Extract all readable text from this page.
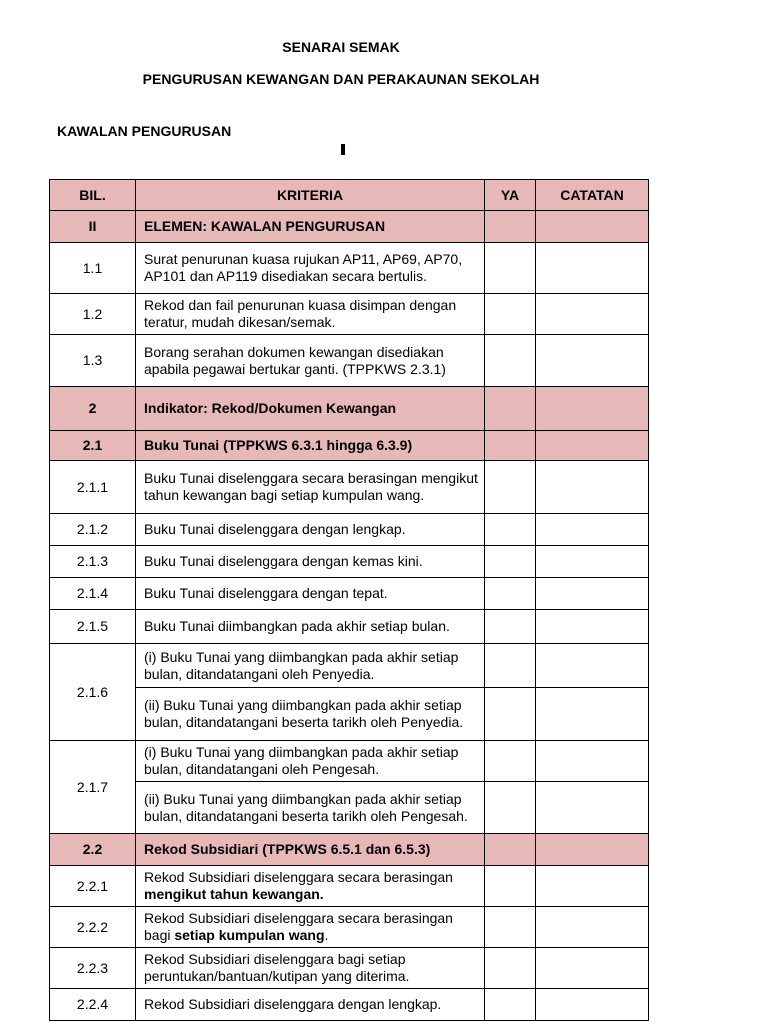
SENARAI SEMAK
PENGURUSAN KEWANGAN DAN PERAKAUNAN SEKOLAH
KAWALAN PENGURUSAN
BIL.	KRITERIA	YA	CATATAN
II	ELEMEN: KAWALAN PENGURUSAN		
1.1	Surat penurunan kuasa rujukan AP11, AP69, AP70, AP101 dan AP119 disediakan secara bertulis.		
1.2	Rekod dan fail penurunan kuasa disimpan dengan teratur, mudah dikesan/semak.		
1.3	Borang serahan dokumen kewangan disediakan apabila pegawai bertukar ganti. (TPPKWS 2.3.1)		
2	Indikator: Rekod/Dokumen Kewangan		
2.1	Buku Tunai (TPPKWS 6.3.1 hingga 6.3.9)		
2.1.1	Buku Tunai diselenggara secara berasingan mengikut tahun kewangan bagi setiap kumpulan wang.		
2.1.2	Buku Tunai diselenggara dengan lengkap.		
2.1.3	Buku Tunai diselenggara dengan kemas kini.		
2.1.4	Buku Tunai diselenggara dengan tepat.		
2.1.5	Buku Tunai diimbangkan pada akhir setiap bulan.		
2.1.6	(i) Buku Tunai yang diimbangkan pada akhir setiap bulan, ditandatangani oleh Penyedia.		
	(ii) Buku Tunai yang diimbangkan pada akhir setiap bulan, ditandatangani beserta tarikh oleh Penyedia.		
2.1.7	(i) Buku Tunai yang diimbangkan pada akhir setiap bulan, ditandatangani oleh Pengesah.		
	(ii) Buku Tunai yang diimbangkan pada akhir setiap bulan, ditandatangani beserta tarikh oleh Pengesah.		
2.2	Rekod Subsidiari (TPPKWS 6.5.1 dan 6.5.3)		
2.2.1	Rekod Subsidiari diselenggara secara berasingan mengikut tahun kewangan.		
2.2.2	Rekod Subsidiari diselenggara secara berasingan bagi setiap kumpulan wang.		
2.2.3	Rekod Subsidiari diselenggara bagi setiap peruntukan/bantuan/kutipan yang diterima.		
2.2.4	Rekod Subsidiari diselenggara dengan lengkap.		
